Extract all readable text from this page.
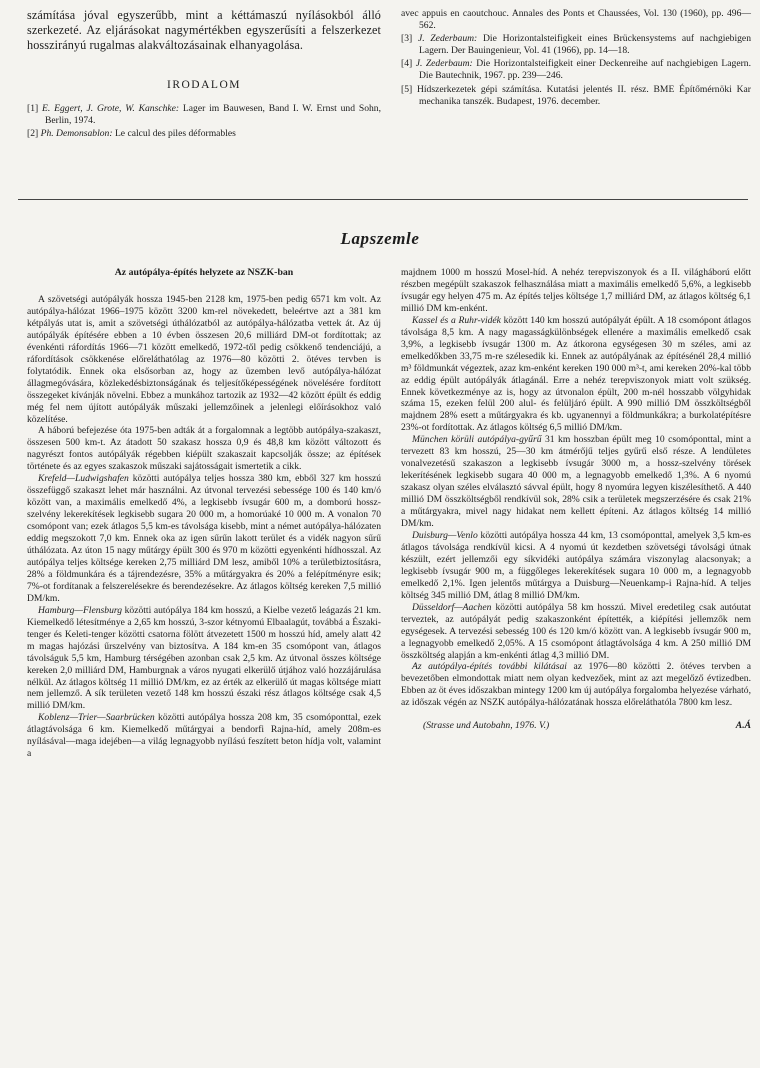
számítása jóval egyszerűbb, mint a kéttámaszú nyílásokból álló szerkezeté. Az eljárásokat nagymértékben egyszerűsíti a felszerkezet hosszirányú rugalmas alakváltozásainak elhanyagolása.

IRODALOM

[1] E. Eggert, J. Grote, W. Kanschke: Lager im Bauwesen, Band I. W. Ernst und Sohn, Berlin, 1974.

[2] Ph. Demonsablon: Le calcul des piles déformables

avec appuis en caoutchouc. Annales des Ponts et Chaussées, Vol. 130 (1960), pp. 496—562.

[3] J. Zederbaum: Die Horizontalsteifigkeit eines Brückensystems auf nachgiebigen Lagern. Der Bauingenieur, Vol. 41 (1966), pp. 14—18.

[4] J. Zederbaum: Die Horizontalsteifigkeit einer Deckenreihe auf nachgiebigen Lagern. Die Bautechnik, 1967. pp. 239—246.

[5] Hídszerkezetek gépi számítása. Kutatási jelentés II. rész. BME Építőmérnöki Kar mechanika tanszék. Budapest, 1976. december.

Lapszemle
Az autópálya-építés helyzete az NSZK-ban

A szövetségi autópályák hossza 1945-ben 2128 km, 1975-ben pedig 6571 km volt. Az autópálya-hálózat 1966–1975 között 3200 km-rel növekedett, beleértve azt a 381 km kétpályás utat is, amit a szövetségi úthálózatból az autópálya-hálózatba vettek át. Az új autópályák építésére ebben a 10 évben összesen 20,6 milliárd DM-ot fordítottak; az évenkénti ráfordítás 1966—71 között emelkedő, 1972-től pedig csökkenő tendenciájú, a ráfordítások csökkenése előreláthatólag az 1976—80 közötti 2. ötéves tervben is folytatódik. Ennek oka elsősorban az, hogy az üzemben levő autópálya-hálózat állagmegóvására, közlekedésbiztonságának és teljesítőképességének növelésére fordított összegeket kívánják növelni. Ebbez a munkához tartozik az 1932—42 között épült és eddig még fel nem újított autópályák műszaki jellemzőinek a jelenlegi előírásokhoz való közelítése.

A háború befejezése óta 1975-ben adták át a forgalomnak a legtöbb autópálya-szakaszt, összesen 500 km-t. Az átadott 50 szakasz hossza 0,9 és 48,8 km között változott és nagyrészt fontos autópályák régebben kiépült szakaszait kapcsolják össze; az építések története és az egyes szakaszok műszaki sajátosságait ismertetik a cikk.

Krefeld—Ludwigshafen közötti autópálya teljes hossza 380 km, ebből 327 km hosszú összefüggő szakaszt lehet már használni. Az útvonal tervezési sebessége 100 és 140 km/ó között van, a maximális emelkedő 4%, a legkisebb ívsugár 600 m, a domború hossz-szelvény lekerekítések legkisebb sugara 20 000 m, a homorúaké 10 000 m. A vonalon 70 csomópont van; ezek átlagos 5,5 km-es távolsága kisebb, mint a német autópálya-hálózaten eddig megszokott 7,0 km. Ennek oka az igen sűrűn lakott terület és a vidék nagyon sűrű úthálózata. Az úton 15 nagy műtárgy épült 300 és 970 m közötti egyenkénti hídhosszal. Az autópálya teljes költsége kereken 2,75 milliárd DM lesz, amiből 10% a területbiztosításra, 28% a földmunkára és a tájrendezésre, 35% a műtárgyakra és 20% a felépítményre esik; 7%-ot fordítanak a felszerelésekre és berendezésekre. Az átlagos költség kereken 7,5 millió DM/km.

Hamburg—Flensburg közötti autópálya 184 km hosszú, a Kielbe vezető leágazás 21 km. Kiemelkedő létesítménye a 2,65 km hosszú, 3-szor kétnyomú Elbaalagút, továbbá a Északi-tenger és Keleti-tenger közötti csatorna fölött átvezetett 1500 m hosszú híd, amely alatt 42 m magas hajózási űrszelvény van biztosítva. A 184 km-en 35 csomópont van, átlagos távolságuk 5,5 km, Hamburg térségében azonban csak 2,5 km. Az útvonal összes költsége kereken 2,0 milliárd DM, Hamburgnak a város nyugati elkerülő útjához való hozzájárulása nélkül. Az átlagos költség 11 millió DM/km, ez az érték az elkerülő út magas költsége miatt nem jellemző. A sík területen vezető 148 km hosszú északi rész átlagos költsége csak 4,5 millió DM/km.

Koblenz—Trier—Saarbrücken közötti autópálya hossza 208 km, 35 csomóponttal, ezek átlagtávolsága 6 km. Kiemelkedő műtárgyai a bendorfi Rajna-híd, amely 208m-es nyílásával—maga idejében—a világ legnagyobb nyílású feszített beton hídja volt, valamint a

majdnem 1000 m hosszú Mosel-híd. A nehéz terepviszonyok és a II. világháború előtt részben megépült szakaszok felhasználása miatt a maximális emelkedő 5,6%, a legkisebb ívsugár egy helyen 475 m. Az építés teljes költsége 1,7 milliárd DM, az átlagos költség 6,1 millió DM km-enként.

Kassel és a Ruhr-vidék között 140 km hosszú autópályát épült. A 18 csomópont átlagos távolsága 8,5 km. A nagy magasságkülönbségek ellenére a maximális emelkedő csak 3,9%, a legkisebb ívsugár 1300 m. Az átkorona egységesen 30 m széles, ami az emelkedőkben 33,75 m-re szélesedik ki. Ennek az autópályának az építésénél 28,4 millió m³ földmunkát végeztek, azaz km-enként kereken 190 000 m³-t, ami kereken 20%-kal több az eddig épült autópályák átlagánál. Erre a nehéz terepviszonyok miatt volt szükség. Ennek következménye az is, hogy az útvonalon épült, 200 m-nél hosszabb völgyhidak száma 15, ezeken felül 200 alul- és felüljáró épült. A 990 millió DM összköltségből majdnem 28% esett a műtárgyakra és kb. ugyanennyi a földmunkákra; a burkolatépítésre 23%-ot fordítottak. Az átlagos költség 6,5 millió DM/km.

München körüli autópálya-gyűrű 31 km hosszban épült meg 10 csomóponttal, mint a tervezett 83 km hosszú, 25—30 km átmérőjű teljes gyűrű első része. A lendületes vonalvezetésű szakaszon a legkisebb ívsugár 3000 m, a hossz-szelvény törések lekerítésének legkisebb sugara 40 000 m, a legnagyobb emelkedő 1,3%. A 6 nyomú szakasz olyan széles elválasztó sávval épült, hogy 8 nyomúra legyen kiszélesíthető. A 440 millió DM összköltségből rendkívül sok, 28% csik a területek megszerzésére és csak 21% a műtárgyakra, mivel nagy hidakat nem kellett építeni. Az átlagos költség 14 millió DM/km.

Duisburg—Venlo közötti autópálya hossza 44 km, 13 csomóponttal, amelyek 3,5 km-es átlagos távolsága rendkívül kicsi. A 4 nyomú út kezdetben szövetségi távolsági útnak készült, ezért jellemzői egy síkvidéki autópálya számára viszonylag alacsonyak; a legkisebb ívsugár 900 m, a függőleges lekerekítések sugara 10 000 m, a legnagyobb emelkedő 2,1%. Igen jelentős műtárgya a Duisburg—Neuenkamp-i Rajna-híd. A teljes költség 345 millió DM, átlag 8 millió DM/km.

Düsseldorf—Aachen közötti autópálya 58 km hosszú. Mivel eredetileg csak autóutat terveztek, az autópályát pedig szakaszonként építették, a kiépítési jellemzők nem egységesek. A tervezési sebesség 100 és 120 km/ó között van. A legkisebb ívsugár 900 m, a legnagyobb emelkedő 2,05%. A 15 csomópont átlagtávolsága 4 km. A 250 millió DM összköltség alapján a km-enkénti átlag 4,3 millió DM.

Az autópálya-építés további kilátásai az 1976—80 közötti 2. ötéves tervben a bevezetőben elmondottak miatt nem olyan kedvezőek, mint az azt megelőző évtizedben. Ebben az öt éves időszakban mintegy 1200 km új autópálya forgalomba helyezése várható, az időszak végén az NSZK autópálya-hálózatának hossza előreláthatóla 7800 km lesz.

(Strasse und Autobahn, 1976. V.)	A.Á
